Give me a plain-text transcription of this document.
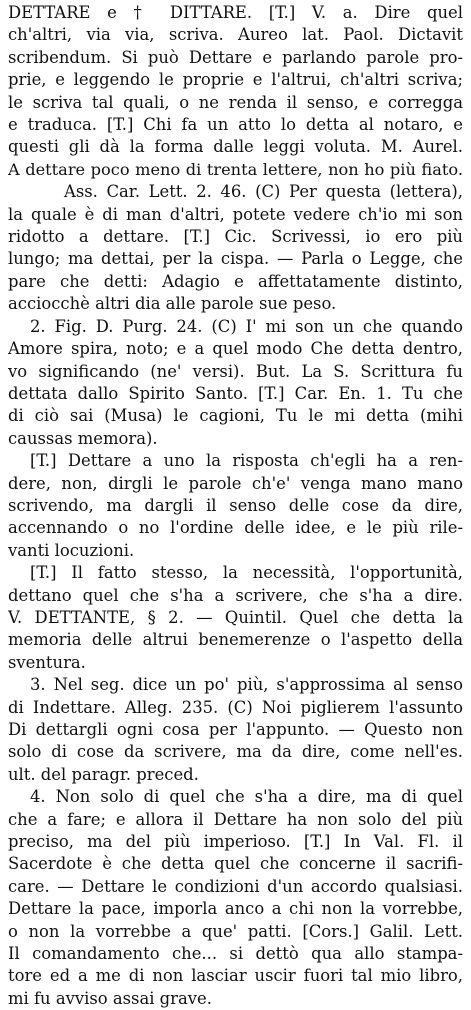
DETTARE e † DITTARE. [T.] V. a. Dire quel
ch'altri, via via, scriva. Aureo lat. Paol. Dictavit
scribendum. Si può Dettare e parlando parole pro-
prie, e leggendo le proprie e l'altrui, ch'altri scriva;
le scriva tal quali, o ne renda il senso, e corregga
e traduca. [T.] Chi fa un atto lo detta al notaro, e
questi gli dà la forma dalle leggi voluta. M. Aurel.
A dettare poco meno di trenta lettere, non ho più fiato.
Ass. Car. Lett. 2. 46. (C) Per questa (lettera),
la quale è di man d'altri, potete vedere ch'io mi son
ridotto a dettare. [T.] Cic. Scrivessi, io ero più
lungo; ma dettai, per la cispa. — Parla o Legge, che
pare che detti: Adagio e affettatamente distinto,
acciocchè altri dia alle parole sue peso.
2. Fig. D. Purg. 24. (C) I' mi son un che quando
Amore spira, noto; e a quel modo Che detta dentro,
vo significando (ne' versi). But. La S. Scrittura fu
dettata dallo Spirito Santo. [T.] Car. En. 1. Tu che
di ciò sai (Musa) le cagioni, Tu le mi detta (mihi
caussas memora).
[T.] Dettare a uno la risposta ch'egli ha a ren-
dere, non, dirgli le parole ch'e' venga mano mano
scrivendo, ma dargli il senso delle cose da dire,
accennando o no l'ordine delle idee, e le più rile-
vanti locuzioni.
[T.] Il fatto stesso, la necessità, l'opportunità,
dettano quel che s'ha a scrivere, che s'ha a dire.
V. DETTANTE, § 2. — Quintil. Quel che detta la
memoria delle altrui benemerenze o l'aspetto della
sventura.
3. Nel seg. dice un po' più, s'approssima al senso
di Indettare. Alleg. 235. (C) Noi piglierem l'assunto
Di dettargli ogni cosa per l'appunto. — Questo non
solo di cose da scrivere, ma da dire, come nell'es.
ult. del paragr. preced.
4. Non solo di quel che s'ha a dire, ma di quel
che a fare; e allora il Dettare ha non solo del più
preciso, ma del più imperioso. [T.] In Val. Fl. il
Sacerdote è che detta quel che concerne il sacrifi-
care. — Dettare le condizioni d'un accordo qualsiasi.
Dettare la pace, imporla anco a chi non la vorrebbe,
o non la vorrebbe a que' patti. [Cors.] Galil. Lett.
Il comandamento che... si dettò qua allo stampa-
tore ed a me di non lasciar uscir fuori tal mio libro,
mi fu avviso assai grave.
